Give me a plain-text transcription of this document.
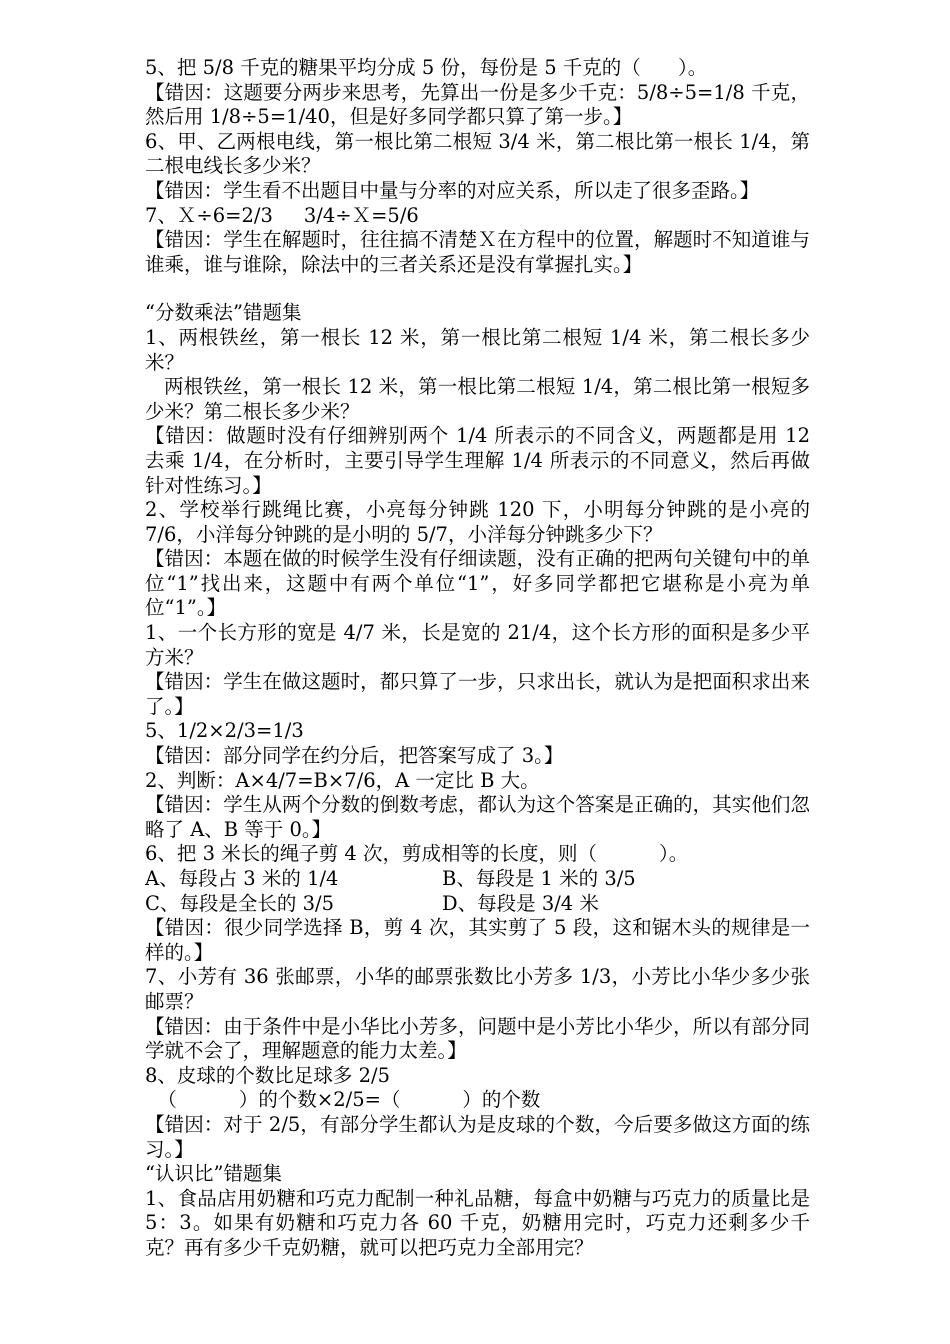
5、把 5/8 千克的糖果平均分成 5 份，每份是 5 千克的（      ）。
【错因：这题要分两步来思考，先算出一份是多少千克：5/8÷5=1/8 千克，然后用 1/8÷5=1/40，但是好多同学都只算了第一步。】
6、甲、乙两根电线，第一根比第二根短 3/4 米，第二根比第一根长 1/4，第二根电线长多少米？
【错因：学生看不出题目中量与分率的对应关系，所以走了很多歪路。】
7、Ｘ÷6=2/3     3/4÷Ｘ=5/6
【错因：学生在解题时，往往搞不清楚Ｘ在方程中的位置，解题时不知道谁与谁乘，谁与谁除，除法中的三者关系还是没有掌握扎实。】
“分数乘法”错题集
1、两根铁丝，第一根长 12 米，第一根比第二根短 1/4 米，第二根长多少米？
两根铁丝，第一根长 12 米，第一根比第二根短 1/4，第二根比第一根短多少米？第二根长多少米？
【错因：做题时没有仔细辨别两个 1/4 所表示的不同含义，两题都是用 12 去乘 1/4，在分析时，主要引导学生理解 1/4 所表示的不同意义，然后再做针对性练习。】
2、学校举行跳绳比赛，小亮每分钟跳 120 下，小明每分钟跳的是小亮的 7/6，小洋每分钟跳的是小明的 5/7，小洋每分钟跳多少下？
【错因：本题在做的时候学生没有仔细读题，没有正确的把两句关键句中的单位“1”找出来，这题中有两个单位“1”，好多同学都把它堪称是小亮为单位“1”。】
1、一个长方形的宽是 4/7 米，长是宽的 21/4，这个长方形的面积是多少平方米？
【错因：学生在做这题时，都只算了一步，只求出长，就认为是把面积求出来了。】
5、1/2×2/3=1/3
【错因：部分同学在约分后，把答案写成了 3。】
2、判断：A×4/7=B×7/6，A 一定比 B 大。
【错因：学生从两个分数的倒数考虑，都认为这个答案是正确的，其实他们忽略了 A、B 等于 0。】
6、把 3 米长的绳子剪 4 次，剪成相等的长度，则（          ）。
A、每段占 3 米的 1/4	B、每段是 1 米的 3/5
C、每段是全长的 3/5	D、每段是 3/4 米
【错因：很少同学选择 B，剪 4 次，其实剪了 5 段，这和锯木头的规律是一样的。】
7、小芳有 36 张邮票，小华的邮票张数比小芳多 1/3，小芳比小华少多少张邮票？
【错因：由于条件中是小华比小芳多，问题中是小芳比小华少，所以有部分同学就不会了，理解题意的能力太差。】
8、皮球的个数比足球多 2/5
（          ）的个数×2/5=（          ）的个数
【错因：对于 2/5，有部分学生都认为是皮球的个数，今后要多做这方面的练习。】
“认识比”错题集
1、食品店用奶糖和巧克力配制一种礼品糖，每盒中奶糖与巧克力的质量比是 5：3。如果有奶糖和巧克力各 60 千克，奶糖用完时，巧克力还剩多少千克？再有多少千克奶糖，就可以把巧克力全部用完？
